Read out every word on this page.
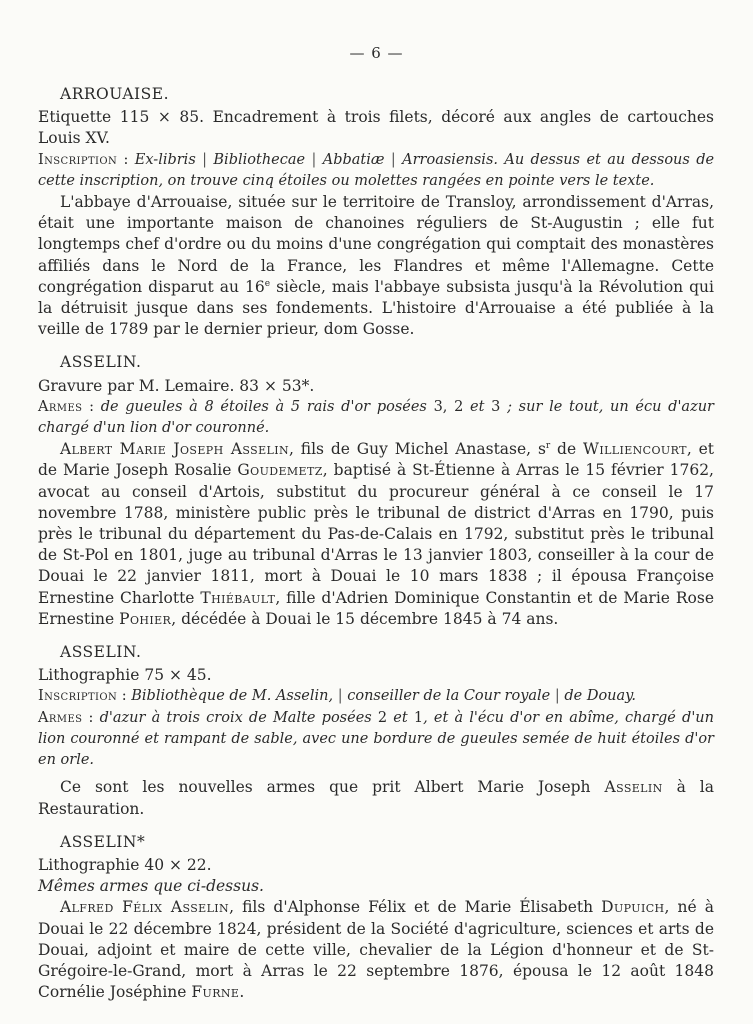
— 6 —
ARROUAISE.

Etiquette 115 × 85. Encadrement à trois filets, décoré aux angles de cartouches Louis XV.

Inscription : Ex-libris | Bibliothecae | Abbatiæ | Arroasiensis. Au dessus et au dessous de cette inscription, on trouve cinq étoiles ou molettes rangées en pointe vers le texte.

L'abbaye d'Arrouaise, située sur le territoire de Transloy, arrondissement d'Arras, était une importante maison de chanoines réguliers de St-Augustin ; elle fut longtemps chef d'ordre ou du moins d'une congrégation qui comptait des monastères affiliés dans le Nord de la France, les Flandres et même l'Allemagne. Cette congrégation disparut au 16e siècle, mais l'abbaye subsista jusqu'à la Révolution qui la détruisit jusque dans ses fondements. L'histoire d'Arrouaise a été publiée à la veille de 1789 par le dernier prieur, dom Gosse.

ASSELIN.

Gravure par M. Lemaire. 83 × 53*.

Armes : de gueules à 8 étoiles à 5 rais d'or posées 3, 2 et 3 ; sur le tout, un écu d'azur chargé d'un lion d'or couronné.

Albert Marie Joseph Asselin, fils de Guy Michel Anastase, $s^r$ de Williencourt, et de Marie Joseph Rosalie Goudemetz, baptisé à St-Étienne à Arras le 15 février 1762, avocat au conseil d'Artois, substitut du procureur général à ce conseil le 17 novembre 1788, ministère public près le tribunal de district d'Arras en 1790, puis près le tribunal du département du Pas-de-Calais en 1792, substitut près le tribunal de St-Pol en 1801, juge au tribunal d'Arras le 13 janvier 1803, conseiller à la cour de Douai le 22 janvier 1811, mort à Douai le 10 mars 1838 ; il épousa Françoise Ernestine Charlotte Thiébault, fille d'Adrien Dominique Constantin et de Marie Rose Ernestine Pohier, décédée à Douai le 15 décembre 1845 à 74 ans.

ASSELIN.

Lithographie 75 × 45.

Inscription : Bibliothèque de M. Asselin, | conseiller de la Cour royale | de Douay.

Armes : d'azur à trois croix de Malte posées 2 et 1, et à l'écu d'or en abîme, chargé d'un lion couronné et rampant de sable, avec une bordure de gueules semée de huit étoiles d'or en orle.

Ce sont les nouvelles armes que prit Albert Marie Joseph Asselin à la Restauration.

ASSELIN*

Lithographie 40 × 22.

Mêmes armes que ci-dessus.

Alfred Félix Asselin, fils d'Alphonse Félix et de Marie Élisabeth Dupuich, né à Douai le 22 décembre 1824, président de la Société d'agriculture, sciences et arts de Douai, adjoint et maire de cette ville, chevalier de la Légion d'honneur et de St-Grégoire-le-Grand, mort à Arras le 22 septembre 1876, épousa le 12 août 1848 Cornélie Joséphine Furne.
